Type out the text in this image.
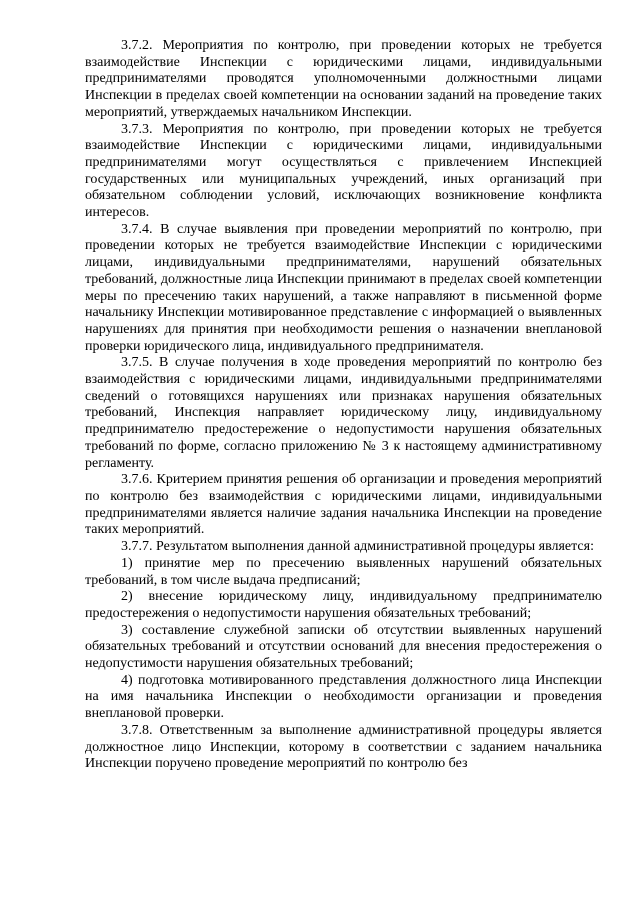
3.7.2. Мероприятия по контролю, при проведении которых не требуется взаимодействие Инспекции с юридическими лицами, индивидуальными предпринимателями проводятся уполномоченными должностными лицами Инспекции в пределах своей компетенции на основании заданий на проведение таких мероприятий, утверждаемых начальником Инспекции.

3.7.3. Мероприятия по контролю, при проведении которых не требуется взаимодействие Инспекции с юридическими лицами, индивидуальными предпринимателями могут осуществляться с привлечением Инспекцией государственных или муниципальных учреждений, иных организаций при обязательном соблюдении условий, исключающих возникновение конфликта интересов.

3.7.4. В случае выявления при проведении мероприятий по контролю, при проведении которых не требуется взаимодействие Инспекции с юридическими лицами, индивидуальными предпринимателями, нарушений обязательных требований, должностные лица Инспекции принимают в пределах своей компетенции меры по пресечению таких нарушений, а также направляют в письменной форме начальнику Инспекции мотивированное представление с информацией о выявленных нарушениях для принятия при необходимости решения о назначении внеплановой проверки юридического лица, индивидуального предпринимателя.

3.7.5. В случае получения в ходе проведения мероприятий по контролю без взаимодействия с юридическими лицами, индивидуальными предпринимателями сведений о готовящихся нарушениях или признаках нарушения обязательных требований, Инспекция направляет юридическому лицу, индивидуальному предпринимателю предостережение о недопустимости нарушения обязательных требований по форме, согласно приложению № 3 к настоящему административному регламенту.

3.7.6. Критерием принятия решения об организации и проведения мероприятий по контролю без взаимодействия с юридическими лицами, индивидуальными предпринимателями является наличие задания начальника Инспекции на проведение таких мероприятий.

3.7.7. Результатом выполнения данной административной процедуры является:

1) принятие мер по пресечению выявленных нарушений обязательных требований, в том числе выдача предписаний;

2) внесение юридическому лицу, индивидуальному предпринимателю предостережения о недопустимости нарушения обязательных требований;

3) составление служебной записки об отсутствии выявленных нарушений обязательных требований и отсутствии оснований для внесения предостережения о недопустимости нарушения обязательных требований;

4) подготовка мотивированного представления должностного лица Инспекции на имя начальника Инспекции о необходимости организации и проведения внеплановой проверки.

3.7.8. Ответственным за выполнение административной процедуры является должностное лицо Инспекции, которому в соответствии с заданием начальника Инспекции поручено проведение мероприятий по контролю без
